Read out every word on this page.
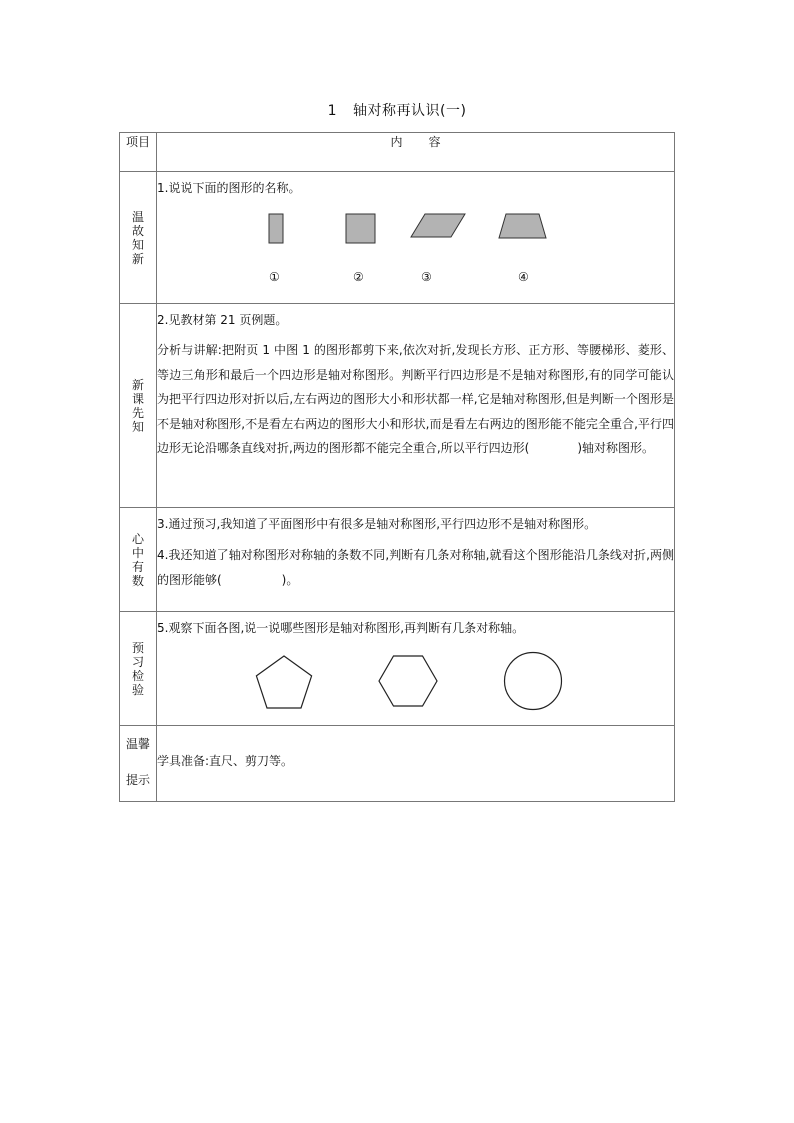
1 轴对称再认识(一)
项目	内容
温故知新	1.说说下面的图形的名称。
① ② ③ ④

新课先知	2.见教材第 21 页例题。
分析与讲解:把附页 1 中图 1 的图形都剪下来,依次对折,发现长方形、正方形、等腰梯形、菱形、等边三角形和最后一个四边形是轴对称图形。判断平行四边形是不是轴对称图形,有的同学可能认为把平行四边形对折以后,左右两边的图形大小和形状都一样,它是轴对称图形,但是判断一个图形是不是轴对称图形,不是看左右两边的图形大小和形状,而是看左右两边的图形能不能完全重合,平行四边形无论沿哪条直线对折,两边的图形都不能完全重合,所以平行四边形(　　　　)轴对称图形。

心中有数	3.通过预习,我知道了平面图形中有很多是轴对称图形,平行四边形不是轴对称图形。
4.我还知道了轴对称图形对称轴的条数不同,判断有几条对称轴,就看这个图形能沿几条线对折,两侧的图形能够(　　　　　)。

预习检验	5.观察下面各图,说一说哪些图形是轴对称图形,再判断有几条对称轴。

温馨
提示	学具准备:直尺、剪刀等。
